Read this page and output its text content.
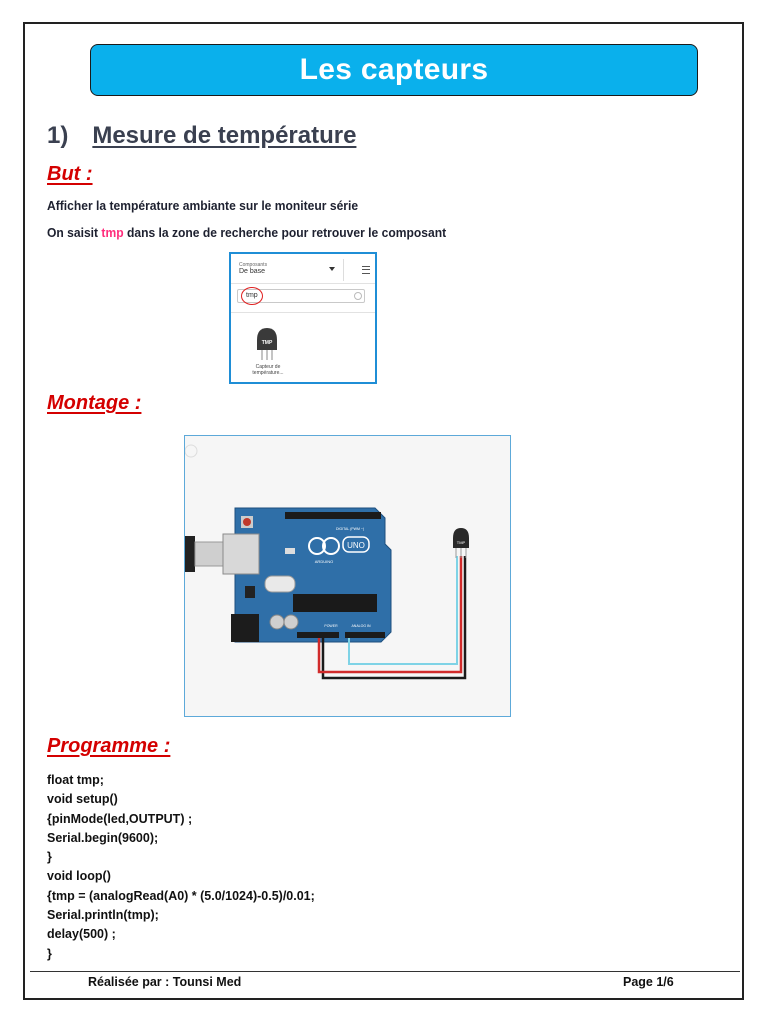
Les capteurs
1) Mesure de température
But :
Afficher la température ambiante sur le moniteur série
On saisit tmp dans la zone de recherche pour retrouver le composant
Composants
De base
tmp
TMP
Capteur de
température...
Montage :
UNO
ARDUINO
DIGITAL (PWM ~)
POWER	ANALOG IN
TMP
Programme :
float tmp;
void setup()
{pinMode(led,OUTPUT) ;
Serial.begin(9600);
}
void loop()
{tmp = (analogRead(A0) * (5.0/1024)-0.5)/0.01;
Serial.println(tmp);
delay(500) ;
}
Réalisée par : Tounsi Med	Page 1/6
